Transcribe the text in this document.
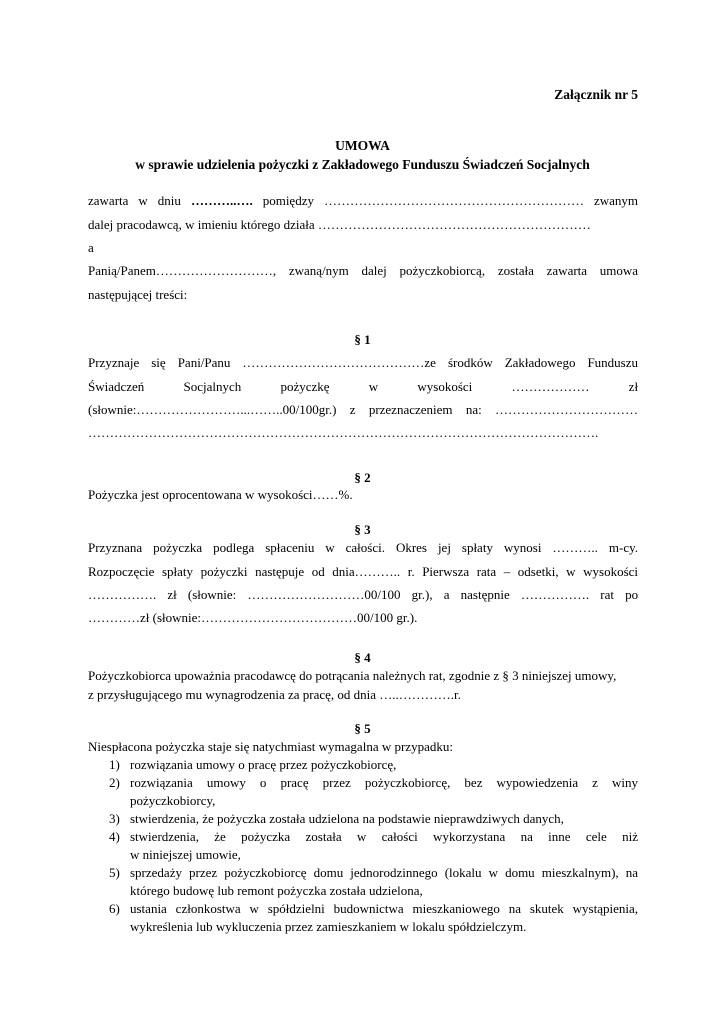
Załącznik nr 5
UMOWA
w sprawie udzielenia pożyczki z Zakładowego Funduszu Świadczeń Socjalnych
zawarta w dniu ………..…. pomiędzy …………………………………………………… zwanym
dalej pracodawcą, w imieniu którego działa ………………………………………………………
a
Panią/Panem………………………, zwaną/nym dalej pożyczkobiorcą, została zawarta umowa
następującej treści:
§ 1
Przyznaje się Pani/Panu ……………………………………ze środków Zakładowego Funduszu
Świadczeń	Socjalnych	pożyczkę	w	wysokości	………………	zł
(słownie:……………………...……..00/100gr.) z przeznaczeniem na: ……………………………
……………………………………………………………………………………………………….
§ 2
Pożyczka jest oprocentowana w wysokości……%.
§ 3
Przyznana pożyczka podlega spłaceniu w całości. Okres jej spłaty wynosi ……….. m-cy.
Rozpoczęcie spłaty pożyczki następuje od dnia……….. r. Pierwsza rata – odsetki, w wysokości
……………. zł (słownie: ………………………00/100 gr.), a następnie ……………. rat po
…………zł (słownie:………………………………00/100 gr.).
§ 4
Pożyczkobiorca upoważnia pracodawcę do potrącania należnych rat, zgodnie z § 3 niniejszej umowy,
z przysługującego mu wynagrodzenia za pracę, od dnia …..………….r.
§ 5
Niespłacona pożyczka staje się natychmiast wymagalna w przypadku:
1) rozwiązania umowy o pracę przez pożyczkobiorcę,
2) rozwiązania umowy o pracę przez pożyczkobiorcę, bez wypowiedzenia z winy
pożyczkobiorcy,
3) stwierdzenia, że pożyczka została udzielona na podstawie nieprawdziwych danych,
4) stwierdzenia, że pożyczka została w całości wykorzystana na inne cele niż
w niniejszej umowie,
5) sprzedaży przez pożyczkobiorcę domu jednorodzinnego (lokalu w domu mieszkalnym), na
którego budowę lub remont pożyczka została udzielona,
6) ustania członkostwa w spółdzielni budownictwa mieszkaniowego na skutek wystąpienia,
wykreślenia lub wykluczenia przez zamieszkaniem w lokalu spółdzielczym.
